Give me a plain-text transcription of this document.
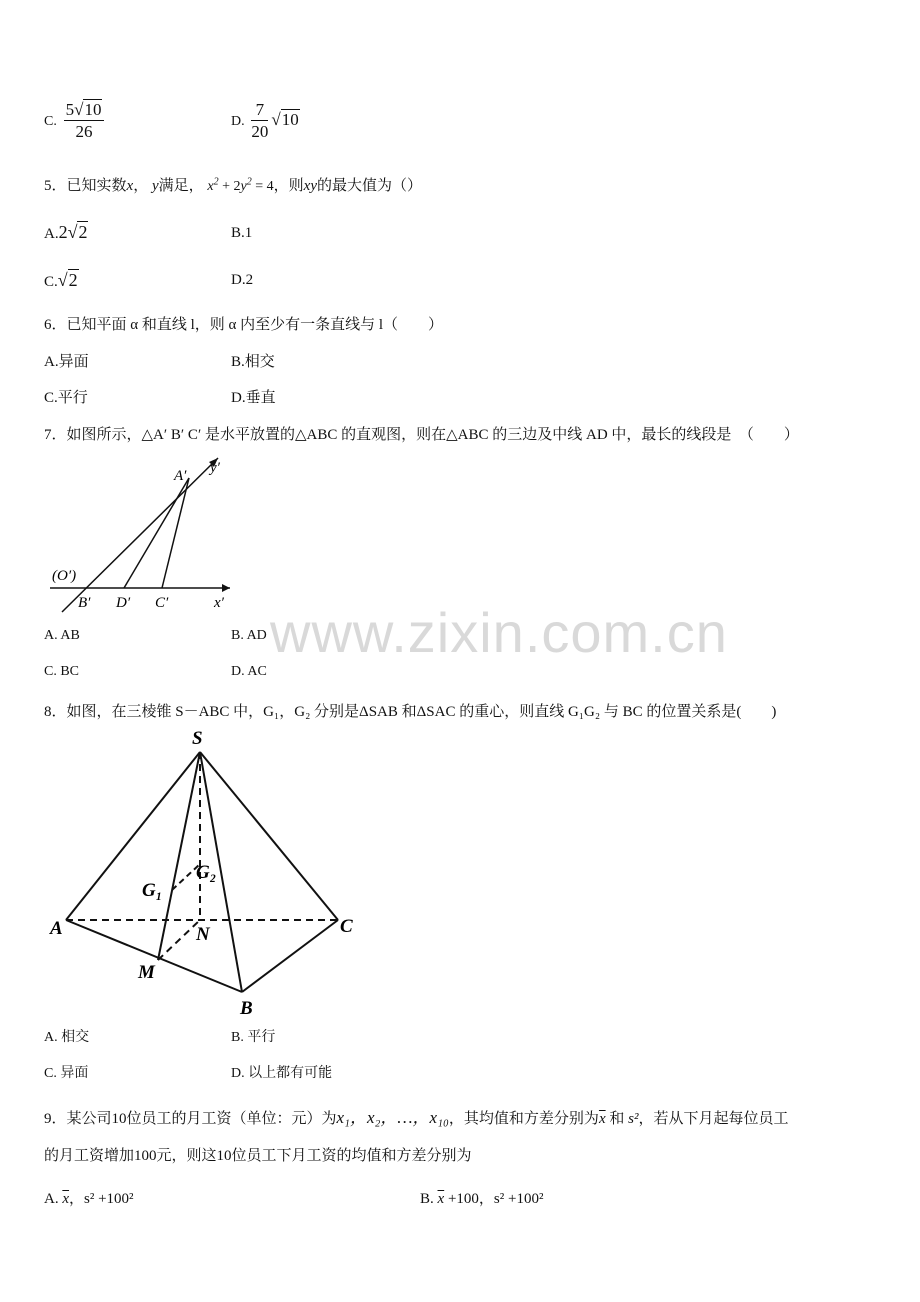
www.zixin.com.cn
C. $\frac{5√10}{26}$	D. $\frac{7}{20} √10$
5．已知实数x， y满足， $x^2 + 2y^2 = 4$，则xy的最大值为（）
A.2√2	B.1
C.√2	D.2
6．已知平面 α 和直线 l，则 α 内至少有一条直线与 l（　　）
A.异面	B.相交
C.平行	D.垂直
7．如图所示，△A′ B′ C′ 是水平放置的△ABC 的直观图，则在△ABC 的三边及中线 AD 中，最长的线段是　（　　）
A′ y′
(O′)
B′ D′ C′	x′
A. AB	B. AD
C. BC	D. AC
8．如图，在三棱锥 S－ABC 中，G₁，G₂ 分别是ΔSAB 和ΔSAC 的重心，则直线 G₁G₂ 与 BC 的位置关系是(　　)
S
A	C
B
N
M
G₁
G₂
A. 相交	B. 平行
C. 异面	D. 以上都有可能
9．某公司10位员工的月工资（单位：元）为x₁，x₂，…，x₁₀，其均值和方差分别为$\overline{x}$ 和 s²，若从下月起每位员工
的月工资增加100元，则这10位员工下月工资的均值和方差分别为
A. $\overline{x}$，s² +100²	B. $\overline{x} +100$，s² +100²
